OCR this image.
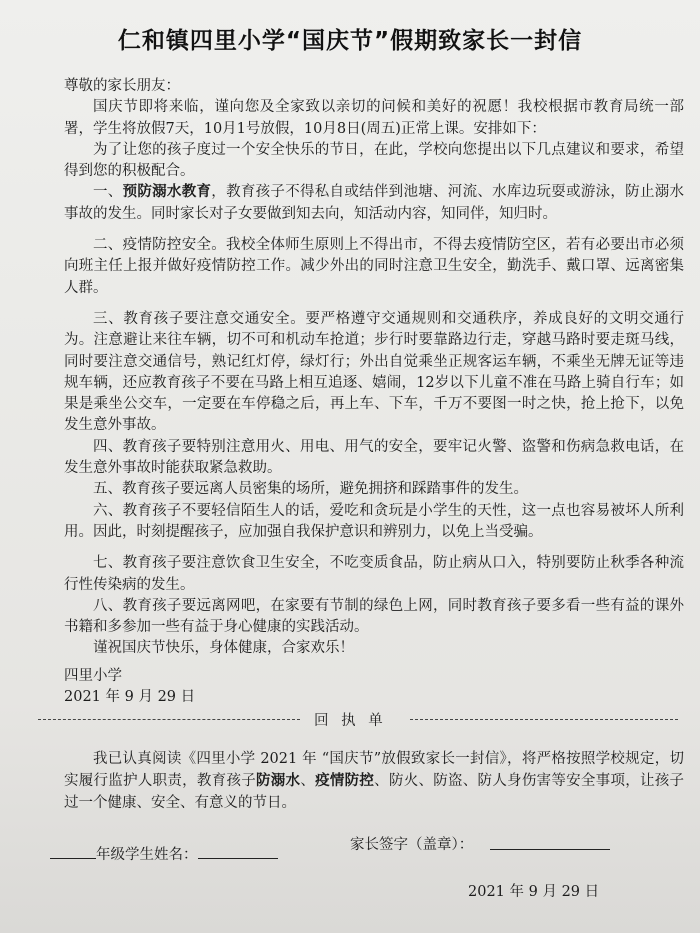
仁和镇四里小学“国庆节”假期致家长一封信

尊敬的家长朋友：

国庆节即将来临，谨向您及全家致以亲切的问候和美好的祝愿！我校根据市教育局统一部署，学生将放假7天，10月1号放假，10月8日(周五)正常上课。安排如下：

为了让您的孩子度过一个安全快乐的节日，在此，学校向您提出以下几点建议和要求，希望得到您的积极配合。

一、预防溺水教育，教育孩子不得私自或结伴到池塘、河流、水库边玩耍或游泳，防止溺水事故的发生。同时家长对子女要做到知去向，知活动内容，知同伴，知归时。

二、疫情防控安全。我校全体师生原则上不得出市，不得去疫情防空区，若有必要出市必须向班主任上报并做好疫情防控工作。减少外出的同时注意卫生安全，勤洗手、戴口罩、远离密集人群。

三、教育孩子要注意交通安全。要严格遵守交通规则和交通秩序，养成良好的文明交通行为。注意避让来往车辆，切不可和机动车抢道；步行时要靠路边行走，穿越马路时要走斑马线，同时要注意交通信号，熟记红灯停，绿灯行；外出自觉乘坐正规客运车辆，不乘坐无牌无证等违规车辆，还应教育孩子不要在马路上相互追逐、嬉闹，12岁以下儿童不准在马路上骑自行车；如果是乘坐公交车，一定要在车停稳之后，再上车、下车，千万不要图一时之快，抢上抢下，以免发生意外事故。

四、教育孩子要特别注意用火、用电、用气的安全，要牢记火警、盗警和伤病急救电话，在发生意外事故时能获取紧急救助。

五、教育孩子要远离人员密集的场所，避免拥挤和踩踏事件的发生。

六、教育孩子不要轻信陌生人的话，爱吃和贪玩是小学生的天性，这一点也容易被坏人所利用。因此，时刻提醒孩子，应加强自我保护意识和辨别力，以免上当受骗。

七、教育孩子要注意饮食卫生安全，不吃变质食品，防止病从口入，特别要防止秋季各种流行性传染病的发生。

八、教育孩子要远离网吧，在家要有节制的绿色上网，同时教育孩子要多看一些有益的课外书籍和多参加一些有益于身心健康的实践活动。

谨祝国庆节快乐，身体健康，合家欢乐！

四里小学

2021 年 9 月 29 日

回 执 单

我已认真阅读《四里小学 2021 年 “国庆节”放假致家长一封信》，将严格按照学校规定，切实履行监护人职责，教育孩子防溺水、疫情防控、防火、防盗、防人身伤害等安全事项，让孩子过一个健康、安全、有意义的节日。

年级学生姓名：
家长签字（盖章）：
2021 年 9 月 29 日
